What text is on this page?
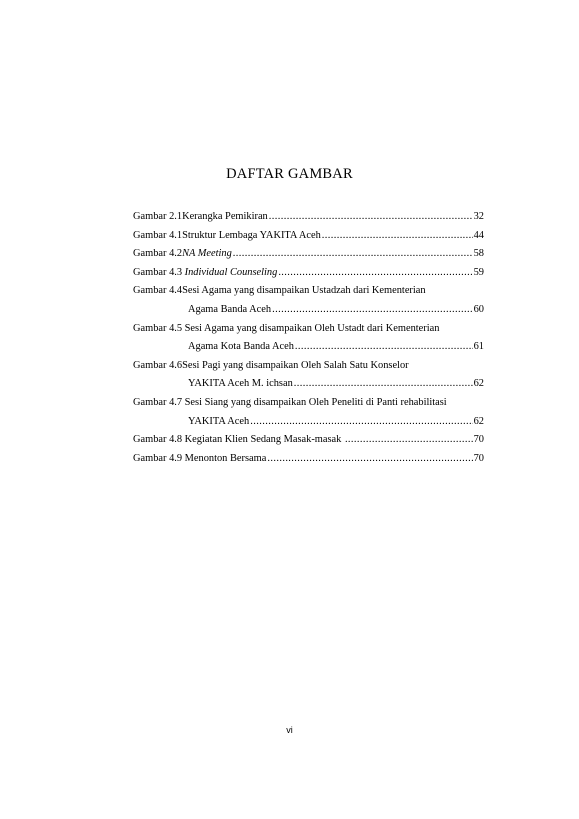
DAFTAR GAMBAR
Gambar 2.1 Kerangka Pemikiran .....	32
Gambar 4.1 Struktur Lembaga YAKITA Aceh .....	44
Gambar 4.2 NA Meeting .....	58
Gambar 4.3 Individual Counseling .....	59
Gambar 4.4 Sesi Agama yang disampaikan Ustadzah dari Kementerian
Agama Banda Aceh .....	60
Gambar 4.5 Sesi Agama yang disampaikan Oleh Ustadt dari Kementerian
Agama Kota Banda Aceh .....	61
Gambar 4.6 Sesi Pagi yang disampaikan Oleh Salah Satu Konselor
YAKITA Aceh M. ichsan .....	62
Gambar 4.7 Sesi Siang yang disampaikan Oleh Peneliti di Panti rehabilitasi
YAKITA Aceh .....	62
Gambar 4.8 Kegiatan Klien Sedang Masak-masak .....	70
Gambar 4.9 Menonton Bersama .....	70
vi
